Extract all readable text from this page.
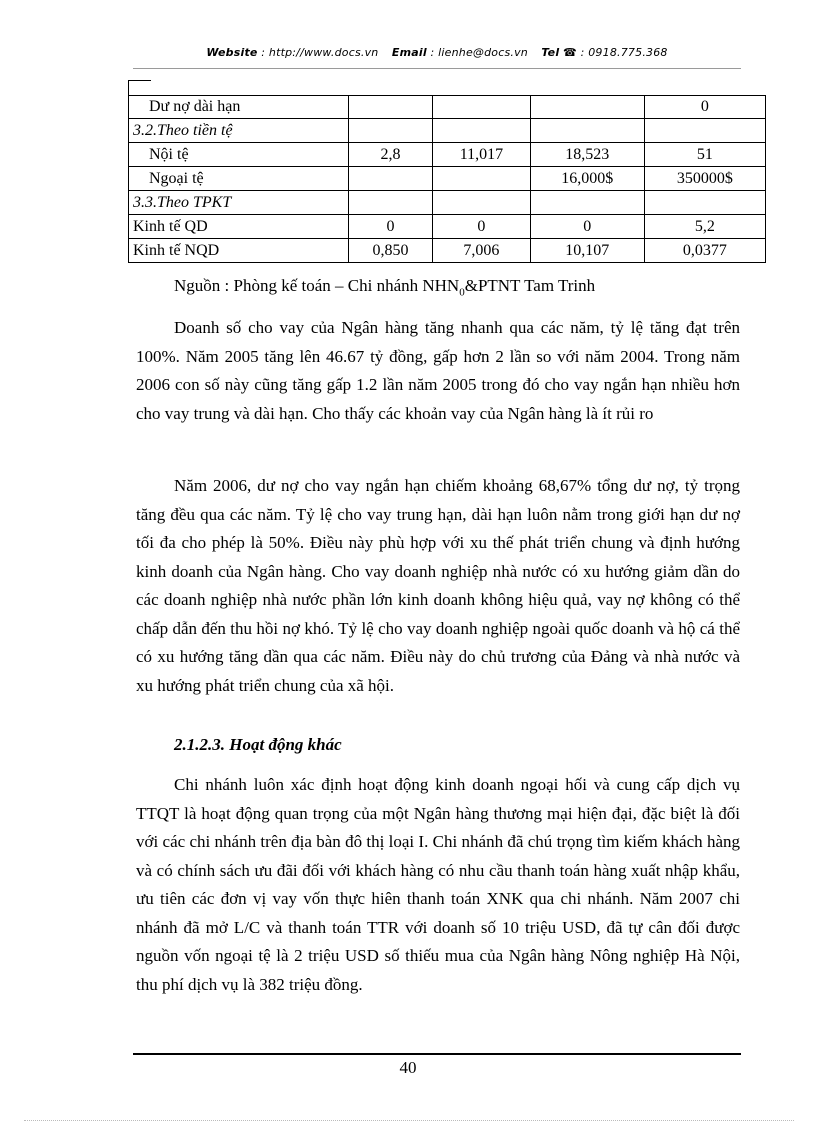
Website : http://www.docs.vn Email : lienhe@docs.vn Tel ☎ : 0918.775.368
Dư nợ dài hạn				0
3.2.Theo tiền tệ				
Nội tệ	2,8	11,017	18,523	51
Ngoại tệ			16,000$	350000$
3.3.Theo TPKT				
Kinh tế QD	0	0	0	5,2
Kinh tế NQD	0,850	7,006	10,107	0,0377
Nguồn : Phòng kế toán – Chi nhánh $NHN_0\&PTNT$ Tam Trinh

Doanh số cho vay của Ngân hàng tăng nhanh qua các năm, tỷ lệ tăng đạt trên 100%. Năm 2005 tăng lên 46.67 tỷ đồng, gấp hơn 2 lần so với năm 2004. Trong năm 2006 con số này cũng tăng gấp 1.2 lần năm 2005 trong đó cho vay ngắn hạn nhiều hơn cho vay trung và dài hạn. Cho thấy các khoản vay của Ngân hàng là ít rủi ro

Năm 2006, dư nợ cho vay ngắn hạn chiếm khoảng 68,67% tổng dư nợ, tỷ trọng tăng đều qua các năm. Tỷ lệ cho vay trung hạn, dài hạn luôn nằm trong giới hạn dư nợ tối đa cho phép là 50%. Điều này phù hợp với xu thế phát triển chung và định hướng kinh doanh của Ngân hàng. Cho vay doanh nghiệp nhà nước có xu hướng giảm dần do các doanh nghiệp nhà nước phần lớn kinh doanh không hiệu quả, vay nợ không có thể chấp dẫn đến thu hồi nợ khó. Tỷ lệ cho vay doanh nghiệp ngoài quốc doanh và hộ cá thể có xu hướng tăng dần qua các năm. Điều này do chủ trương của Đảng và nhà nước và xu hướng phát triển chung của xã hội.

2.1.2.3. Hoạt động khác

Chi nhánh luôn xác định hoạt động kinh doanh ngoại hối và cung cấp dịch vụ TTQT là hoạt động quan trọng của một Ngân hàng thương mại hiện đại, đặc biệt là đối với các chi nhánh trên địa bàn đô thị loại I. Chi nhánh đã chú trọng tìm kiếm khách hàng và có chính sách ưu đãi đối với khách hàng có nhu cầu thanh toán hàng xuất nhập khẩu, ưu tiên các đơn vị vay vốn thực hiên thanh toán XNK qua chi nhánh. Năm 2007 chi nhánh đã mở L/C và thanh toán TTR với doanh số 10 triệu USD, đã tự cân đối được nguồn vốn ngoại tệ là 2 triệu USD số thiếu mua của Ngân hàng Nông nghiệp Hà Nội, thu phí dịch vụ là 382 triệu đồng.

40
